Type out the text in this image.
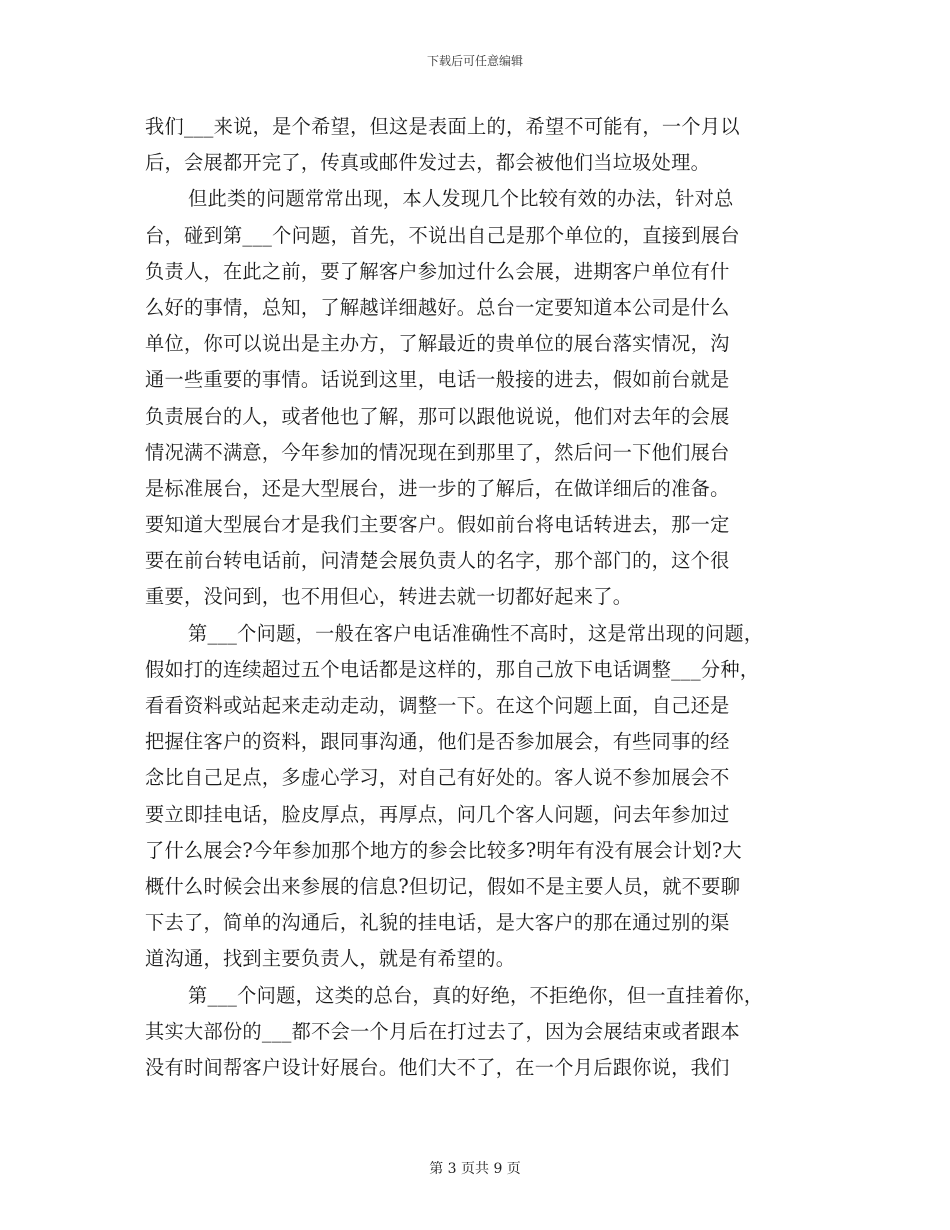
下载后可任意编辑
我们___来说，是个希望，但这是表面上的，希望不可能有，一个月以
后，会展都开完了，传真或邮件发过去，都会被他们当垃圾处理。
但此类的问题常常出现，本人发现几个比较有效的办法，针对总
台，碰到第___个问题，首先，不说出自己是那个单位的，直接到展台
负责人，在此之前，要了解客户参加过什么会展，进期客户单位有什
么好的事情，总知，了解越详细越好。总台一定要知道本公司是什么
单位，你可以说出是主办方，了解最近的贵单位的展台落实情况，沟
通一些重要的事情。话说到这里，电话一般接的进去，假如前台就是
负责展台的人，或者他也了解，那可以跟他说说，他们对去年的会展
情况满不满意，今年参加的情况现在到那里了，然后问一下他们展台
是标准展台，还是大型展台，进一步的了解后，在做详细后的准备。
要知道大型展台才是我们主要客户。假如前台将电话转进去，那一定
要在前台转电话前，问清楚会展负责人的名字，那个部门的，这个很
重要，没问到，也不用但心，转进去就一切都好起来了。
第___个问题，一般在客户电话准确性不高时，这是常出现的问题，
假如打的连续超过五个电话都是这样的，那自己放下电话调整___分种，
看看资料或站起来走动走动，调整一下。在这个问题上面，自己还是
把握住客户的资料，跟同事沟通，他们是否参加展会，有些同事的经
念比自己足点，多虚心学习，对自己有好处的。客人说不参加展会不
要立即挂电话，脸皮厚点，再厚点，问几个客人问题，问去年参加过
了什么展会?今年参加那个地方的参会比较多?明年有没有展会计划?大
概什么时候会出来参展的信息?但切记，假如不是主要人员，就不要聊
下去了，简单的沟通后，礼貌的挂电话，是大客户的那在通过别的渠
道沟通，找到主要负责人，就是有希望的。
第___个问题，这类的总台，真的好绝，不拒绝你，但一直挂着你，
其实大部份的___都不会一个月后在打过去了，因为会展结束或者跟本
没有时间帮客户设计好展台。他们大不了，在一个月后跟你说，我们
第 3 页共 9 页
